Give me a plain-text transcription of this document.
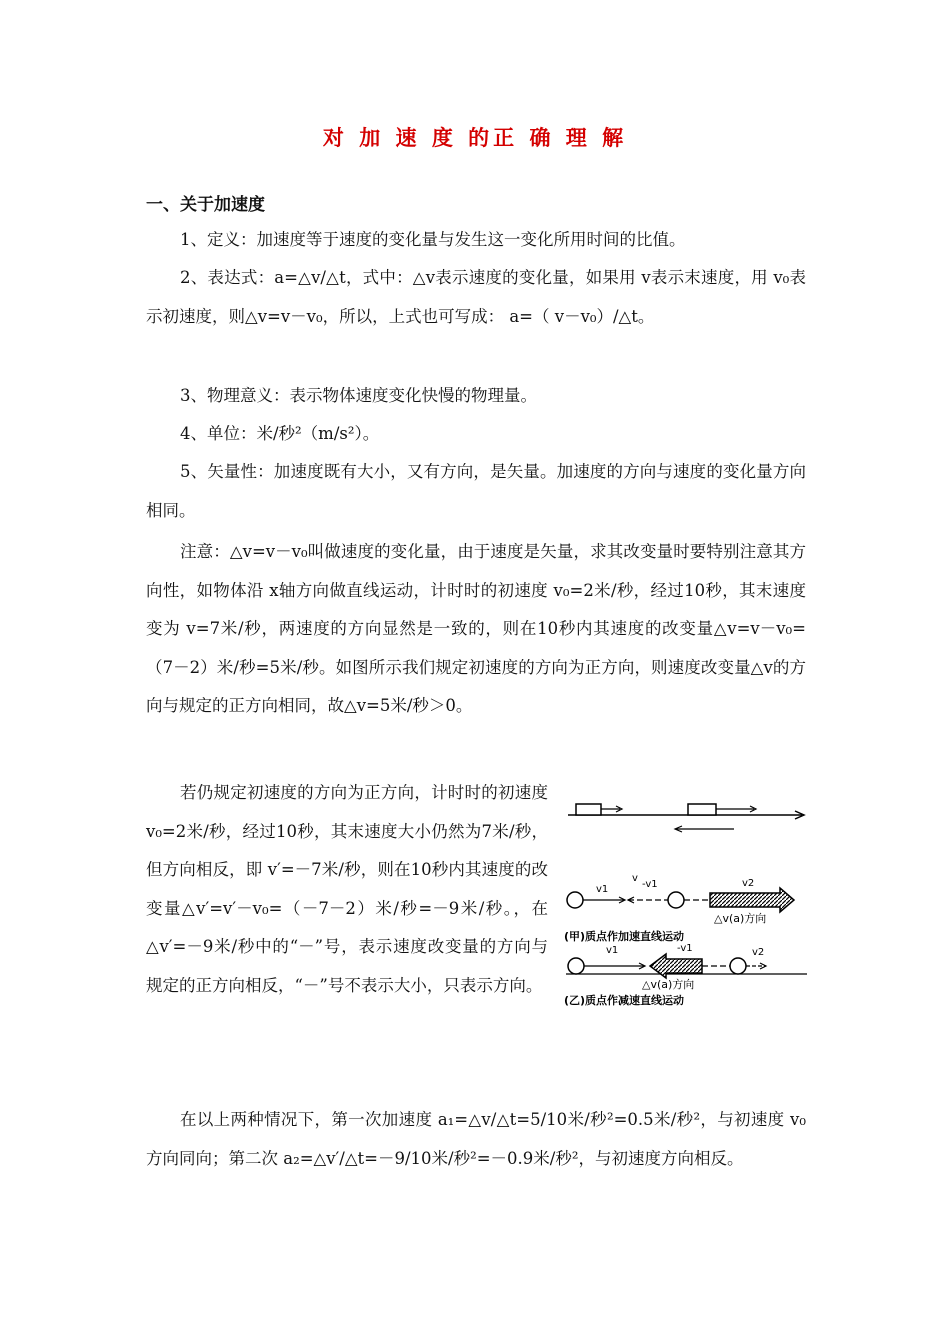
对 加 速 度 的正 确 理 解
一、关于加速度
1、定义：加速度等于速度的变化量与发生这一变化所用时间的比值。
2、表达式：a=△v/△t，式中：△v表示速度的变化量，如果用 v表示末速度，用 v₀表示初速度，则△v=v－v₀，所以，上式也可写成： a=（ v－v₀）/△t。
3、物理意义：表示物体速度变化快慢的物理量。
4、单位：米/秒²（m/s²）。
5、矢量性：加速度既有大小，又有方向，是矢量。加速度的方向与速度的变化量方向相同。
注意：△v=v－v₀叫做速度的变化量，由于速度是矢量，求其改变量时要特别注意其方向性，如物体沿 x轴方向做直线运动，计时时的初速度 v₀=2米/秒，经过10秒，其末速度变为 v=7米/秒，两速度的方向显然是一致的，则在10秒内其速度的改变量△v=v－v₀=（7－2）米/秒=5米/秒。如图所示我们规定初速度的方向为正方向，则速度改变量△v的方向与规定的正方向相同，故△v=5米/秒＞0。
若仍规定初速度的方向为正方向，计时时的初速度 v₀=2米/秒，经过10秒，其末速度大小仍然为7米/秒，但方向相反，即 v′=－7米/秒，则在10秒内其速度的改变量△v′=v′－v₀=（－7－2）米/秒=－9米/秒。，在△v′=－9米/秒中的“－”号，表示速度改变量的方向与规定的正方向相反，“－”号不表示大小，只表示方向。
v1
v
-v1	v2
△v(a)方向
(甲)质点作加速直线运动
v1	-v1	v2
△v(a)方向
(乙)质点作减速直线运动
在以上两种情况下，第一次加速度 a₁=△v/△t=5/10米/秒²=0.5米/秒²，与初速度 v₀方向同向；第二次 a₂=△v′/△t=－9/10米/秒²=－0.9米/秒²，与初速度方向相反。
